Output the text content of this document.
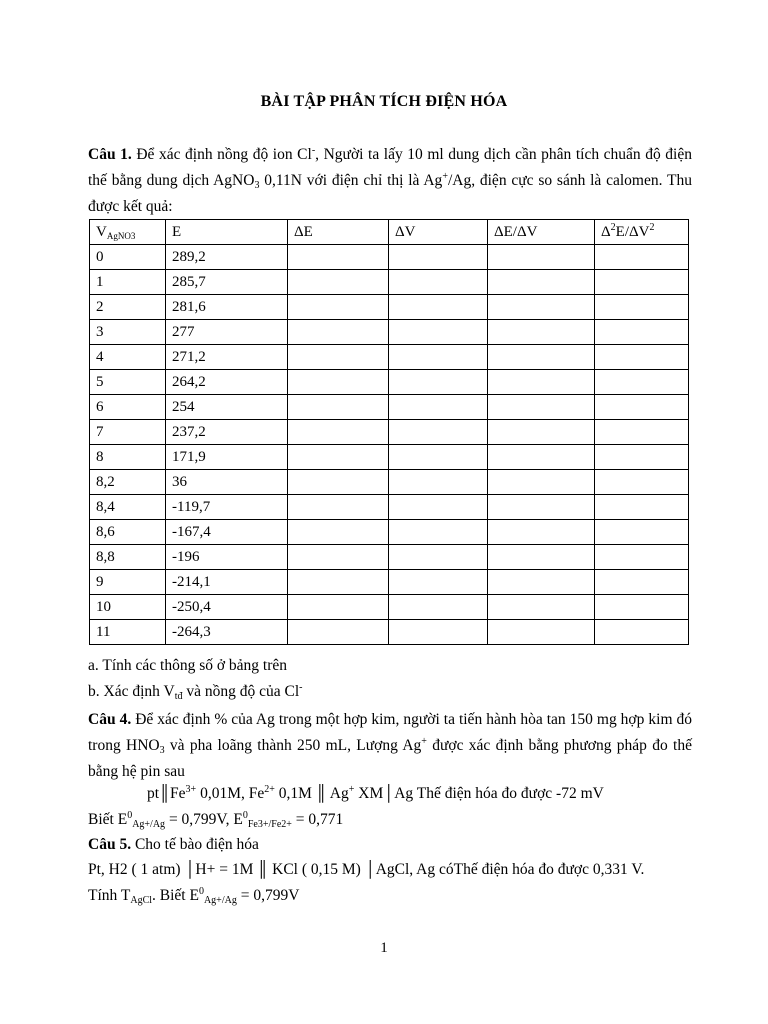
BÀI TẬP PHÂN TÍCH ĐIỆN HÓA
Câu 1. Để xác định nồng độ ion Cl-, Người ta lấy 10 ml dung dịch cần phân tích chuẩn độ điện thế bằng dung dịch AgNO$_3$ 0,11N với điện chỉ thị là Ag+/Ag, điện cực so sánh là calomen. Thu được kết quả:
$V_{AgNO3}$	E	ΔE	ΔV	ΔE/ΔV	$\Delta^2E/\Delta V^2$
0	289,2				
1	285,7				
2	281,6				
3	277				
4	271,2				
5	264,2				
6	254				
7	237,2				
8	171,9				
8,2	36				
8,4	-119,7				
8,6	-167,4				
8,8	-196				
9	-214,1				
10	-250,4				
11	-264,3				
a. Tính các thông số ở bảng trên
b. Xác định $V_{tđ}$ và nồng độ của Cl-
Câu 4. Để xác định % của Ag trong một hợp kim, người ta tiến hành hòa tan 150 mg hợp kim đó trong $HNO_3$ và pha loãng thành 250 mL, Lượng Ag+ được xác định bằng phương pháp đo thế bằng hệ pin sau
$pt║Fe^{3+}$ 0,01M, $Fe^{2+}$ 0,1M ║ Ag+ XM│Ag Thế điện hóa đo được -72 mV
Biết $E^0_{Ag+/Ag} = 0,799V$, $E^0_{Fe3+/Fe2+} = 0,771$
Câu 5. Cho tế bào điện hóa
Pt, H2 ( 1 atm) │H+ = 1M ║ KCl ( 0,15 M) │AgCl, Ag cóThế điện hóa đo được 0,331 V.
Tính $T_{AgCl}$. Biết $E^0_{Ag+/Ag} = 0,799V$
1
